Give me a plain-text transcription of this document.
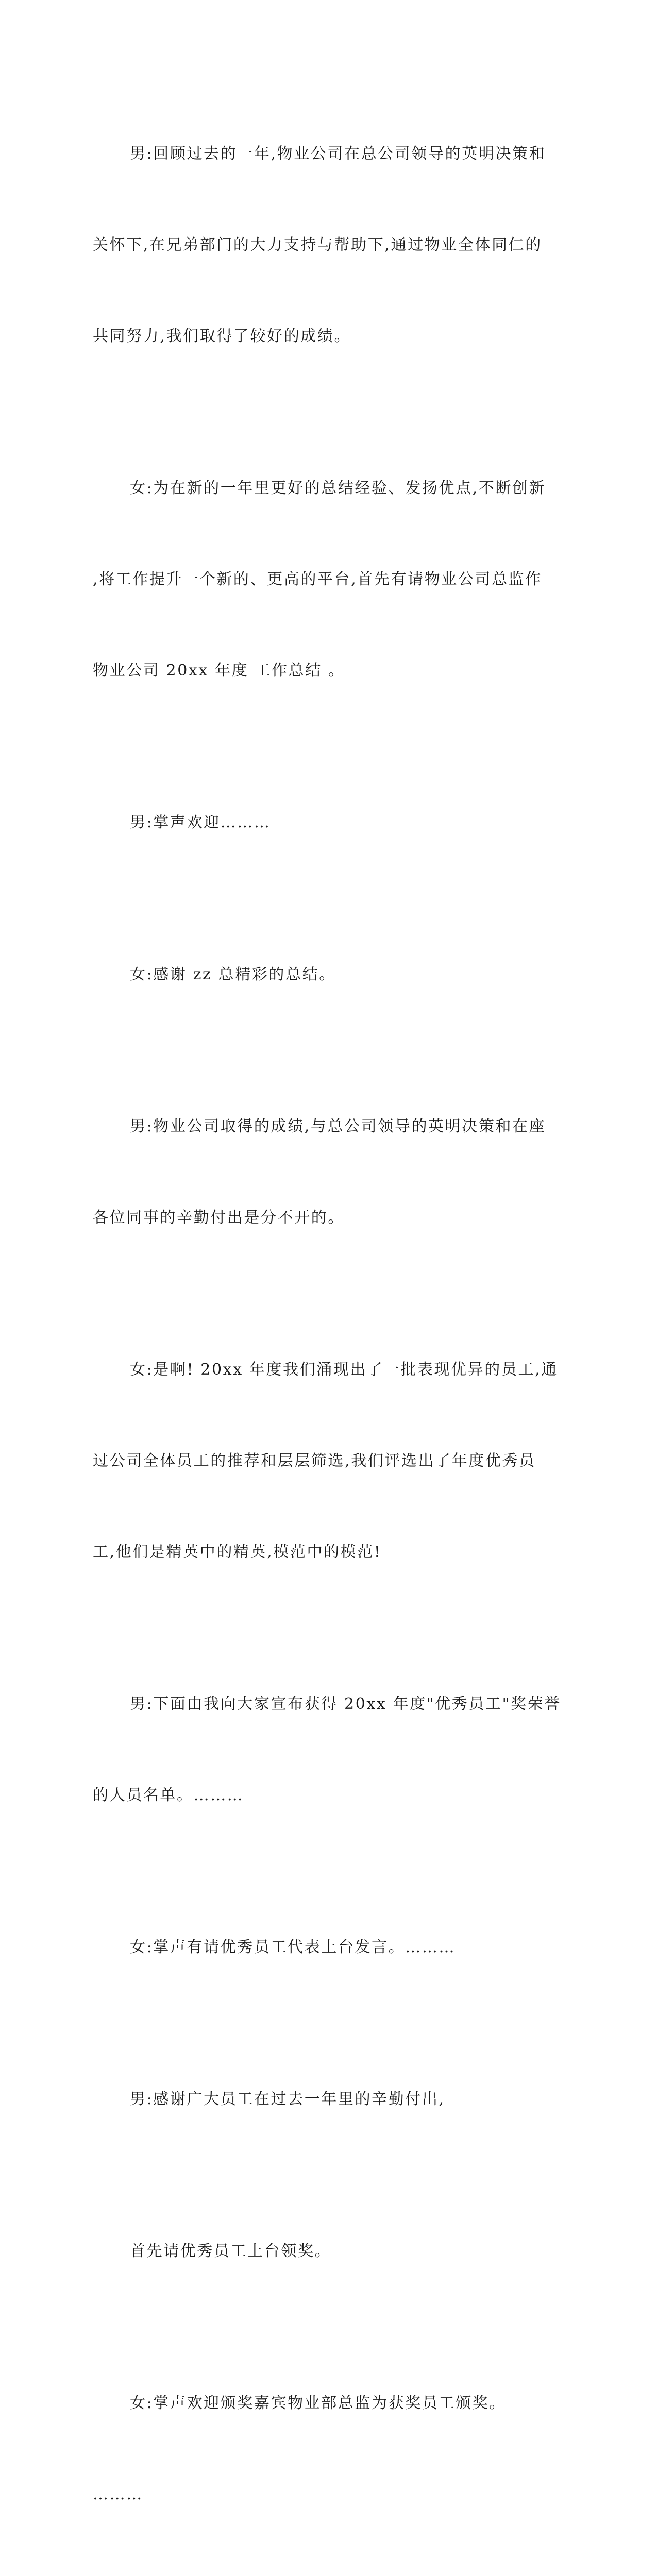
男:回顾过去的一年,物业公司在总公司领导的英明决策和

关怀下,在兄弟部门的大力支持与帮助下,通过物业全体同仁的

共同努力,我们取得了较好的成绩。

女:为在新的一年里更好的总结经验、发扬优点,不断创新

,将工作提升一个新的、更高的平台,首先有请物业公司总监作

物业公司 20xx 年度 工作总结 。

男:掌声欢迎………

女:感谢 zz 总精彩的总结。

男:物业公司取得的成绩,与总公司领导的英明决策和在座

各位同事的辛勤付出是分不开的。

女:是啊! 20xx 年度我们涌现出了一批表现优异的员工,通

过公司全体员工的推荐和层层筛选,我们评选出了年度优秀员

工,他们是精英中的精英,模范中的模范!

男:下面由我向大家宣布获得 20xx 年度"优秀员工"奖荣誉

的人员名单。………

女:掌声有请优秀员工代表上台发言。………

男:感谢广大员工在过去一年里的辛勤付出,

首先请优秀员工上台领奖。

女:掌声欢迎颁奖嘉宾物业部总监为获奖员工颁奖。

………
